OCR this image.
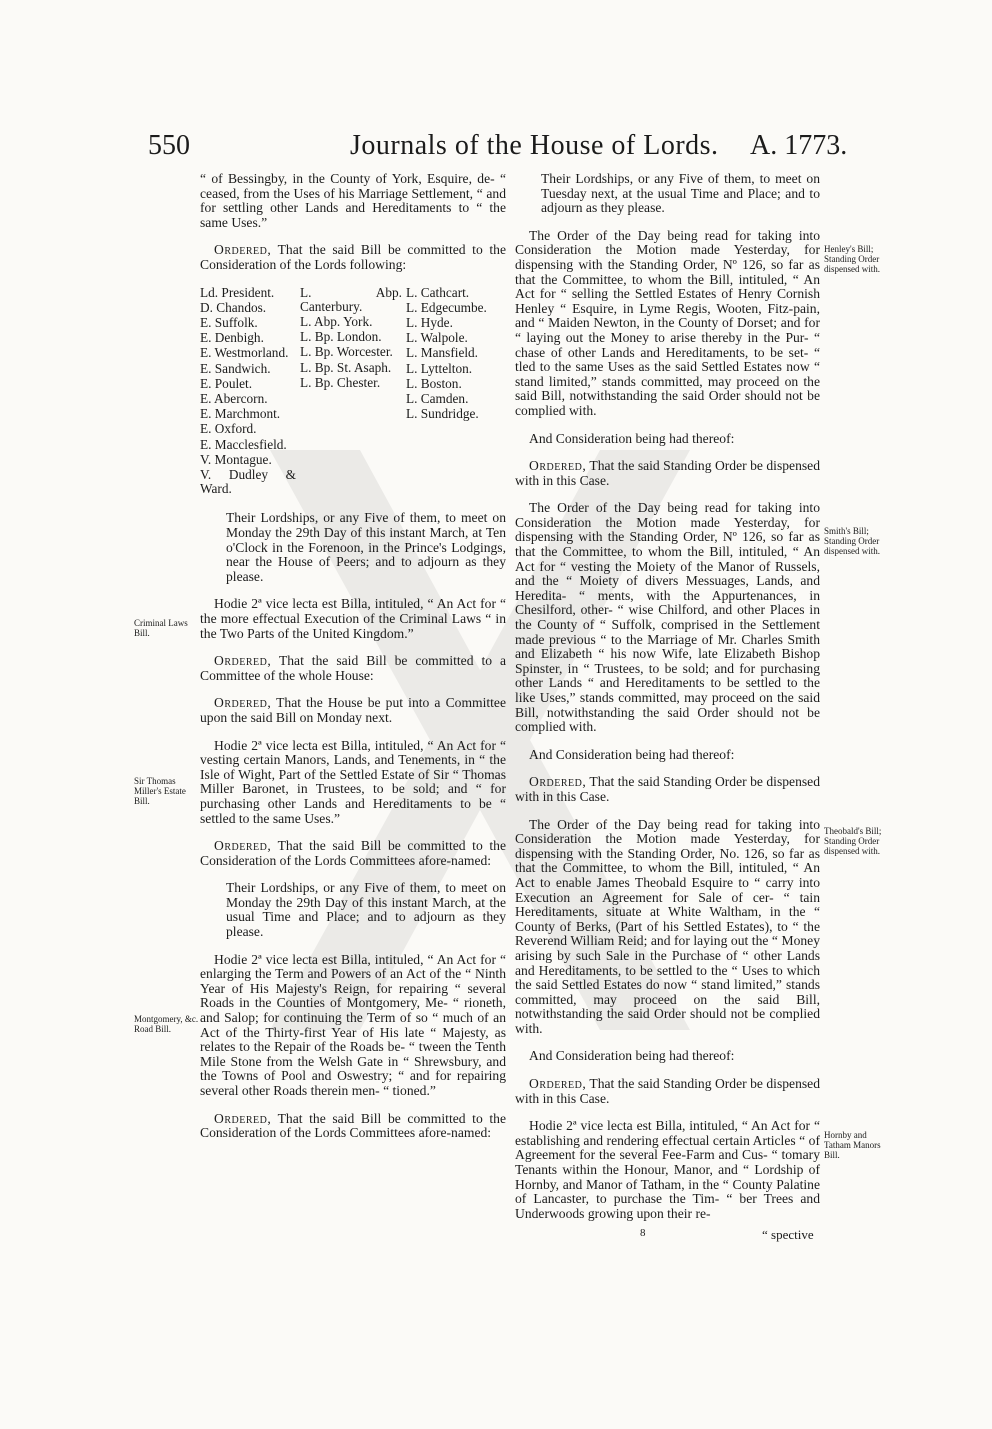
550	Journals of the House of Lords. A. 1773.

“ of Bessingby, in the County of York, Esquire, de- “ ceased, from the Uses of his Marriage Settlement, “ and for settling other Lands and Hereditaments to “ the same Uses.”

Ordered, That the said Bill be committed to the Consideration of the Lords following:

Ld. President.
D. Chandos.
E. Suffolk.
E. Denbigh.
E. Westmorland.
E. Sandwich.
E. Poulet.
E. Abercorn.
E. Marchmont.
E. Oxford.
E. Macclesfield.
V. Montague.
V. Dudley & Ward.
L. Abp. Canterbury.
L. Abp. York.
L. Bp. London.
L. Bp. Worcester.
L. Bp. St. Asaph.
L. Bp. Chester.
L. Cathcart.
L. Edgecumbe.
L. Hyde.
L. Walpole.
L. Mansfield.
L. Lyttelton.
L. Boston.
L. Camden.
L. Sundridge.

Their Lordships, or any Five of them, to meet on Monday the 29th Day of this instant March, at Ten o'Clock in the Forenoon, in the Prince's Lodgings, near the House of Peers; and to adjourn as they please.

Hodie 2ª vice lecta est Billa, intituled, “ An Act for “ the more effectual Execution of the Criminal Laws “ in the Two Parts of the United Kingdom.”

Ordered, That the said Bill be committed to a Committee of the whole House:

Ordered, That the House be put into a Committee upon the said Bill on Monday next.

Hodie 2ª vice lecta est Billa, intituled, “ An Act for “ vesting certain Manors, Lands, and Tenements, in “ the Isle of Wight, Part of the Settled Estate of Sir “ Thomas Miller Baronet, in Trustees, to be sold; and “ for purchasing other Lands and Hereditaments to be “ settled to the same Uses.”

Ordered, That the said Bill be committed to the Consideration of the Lords Committees afore-named:

Their Lordships, or any Five of them, to meet on Monday the 29th Day of this instant March, at the usual Time and Place; and to adjourn as they please.

Hodie 2ª vice lecta est Billa, intituled, “ An Act for “ enlarging the Term and Powers of an Act of the “ Ninth Year of His Majesty's Reign, for repairing “ several Roads in the Counties of Montgomery, Me- “ rioneth, and Salop; for continuing the Term of so “ much of an Act of the Thirty-first Year of His late “ Majesty, as relates to the Repair of the Roads be- “ tween the Tenth Mile Stone from the Welsh Gate in “ Shrewsbury, and the Towns of Pool and Oswestry; “ and for repairing several other Roads therein men- “ tioned.”

Ordered, That the said Bill be committed to the Consideration of the Lords Committees afore-named:

Their Lordships, or any Five of them, to meet on Tuesday next, at the usual Time and Place; and to adjourn as they please.

The Order of the Day being read for taking into Consideration the Motion made Yesterday, for dispensing with the Standing Order, Nº 126, so far as that the Committee, to whom the Bill, intituled, “ An Act for “ selling the Settled Estates of Henry Cornish Henley “ Esquire, in Lyme Regis, Wooten, Fitz-pain, and “ Maiden Newton, in the County of Dorset; and for “ laying out the Money to arise thereby in the Pur- “ chase of other Lands and Hereditaments, to be set- “ tled to the same Uses as the said Settled Estates now “ stand limited,” stands committed, may proceed on the said Bill, notwithstanding the said Order should not be complied with.

And Consideration being had thereof:

Ordered, That the said Standing Order be dispensed with in this Case.

The Order of the Day being read for taking into Consideration the Motion made Yesterday, for dispensing with the Standing Order, Nº 126, so far as that the Committee, to whom the Bill, intituled, “ An Act for “ vesting the Moiety of the Manor of Russels, and the “ Moiety of divers Messuages, Lands, and Heredita- “ ments, with the Appurtenances, in Chesilford, other- “ wise Chilford, and other Places in the County of “ Suffolk, comprised in the Settlement made previous “ to the Marriage of Mr. Charles Smith and Elizabeth “ his now Wife, late Elizabeth Bishop Spinster, in “ Trustees, to be sold; and for purchasing other Lands “ and Hereditaments to be settled to the like Uses,” stands committed, may proceed on the said Bill, notwithstanding the said Order should not be complied with.

And Consideration being had thereof:

Ordered, That the said Standing Order be dispensed with in this Case.

The Order of the Day being read for taking into Consideration the Motion made Yesterday, for dispensing with the Standing Order, No. 126, so far as that the Committee, to whom the Bill, intituled, “ An Act to enable James Theobald Esquire to “ carry into Execution an Agreement for Sale of cer- “ tain Hereditaments, situate at White Waltham, in the “ County of Berks, (Part of his Settled Estates), to “ the Reverend William Reid; and for laying out the “ Money arising by such Sale in the Purchase of “ other Lands and Hereditaments, to be settled to the “ Uses to which the said Settled Estates do now “ stand limited,” stands committed, may proceed on the said Bill, notwithstanding the said Order should not be complied with.

And Consideration being had thereof:

Ordered, That the said Standing Order be dispensed with in this Case.

Hodie 2ª vice lecta est Billa, intituled, “ An Act for “ establishing and rendering effectual certain Articles “ of Agreement for the several Fee-Farm and Cus- “ tomary Tenants within the Honour, Manor, and “ Lordship of Hornby, and Manor of Tatham, in the “ County Palatine of Lancaster, to purchase the Tim- “ ber Trees and Underwoods growing upon their re-

Henley's Bill; Standing Order dispensed with.
Smith's Bill; Standing Order dispensed with.
Theobald's Bill; Standing Order dispensed with.
Hornby and Tatham Manors Bill.
Criminal Laws Bill.
Sir Thomas Miller's Estate Bill.
Montgomery, &c. Road Bill.
8	“ spective
